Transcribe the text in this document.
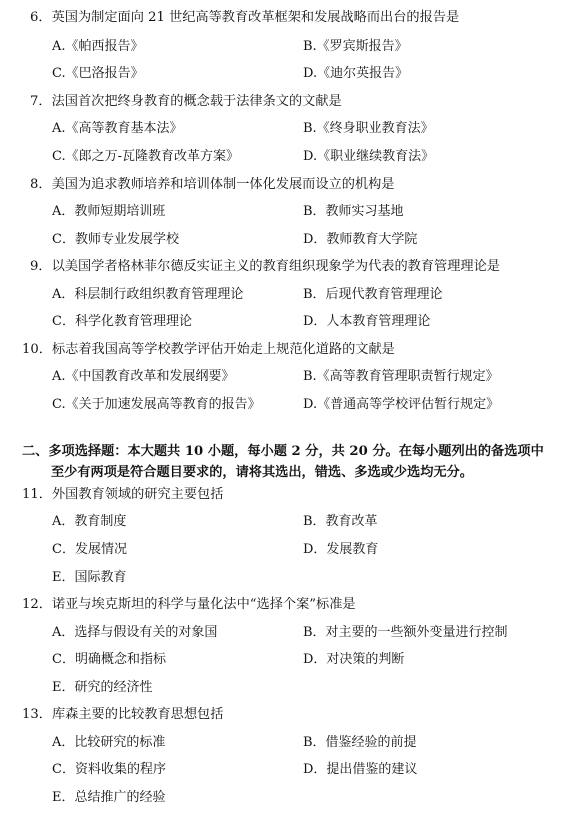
6．英国为制定面向 21 世纪高等教育改革框架和发展战略而出台的报告是
A.《帕西报告》	B.《罗宾斯报告》
C.《巴洛报告》	D.《迪尔英报告》
7．法国首次把终身教育的概念载于法律条文的文献是
A.《高等教育基本法》	B.《终身职业教育法》
C.《郎之万-瓦隆教育改革方案》	D.《职业继续教育法》
8．美国为追求教师培养和培训体制一体化发展而设立的机构是
A．教师短期培训班	B．教师实习基地
C．教师专业发展学校	D．教师教育大学院
9．以美国学者格林菲尔德反实证主义的教育组织现象学为代表的教育管理理论是
A．科层制行政组织教育管理理论	B．后现代教育管理理论
C．科学化教育管理理论	D．人本教育管理理论
10．标志着我国高等学校教学评估开始走上规范化道路的文献是
A.《中国教育改革和发展纲要》	B.《高等教育管理职责暂行规定》
C.《关于加速发展高等教育的报告》	D.《普通高等学校评估暂行规定》
二、多项选择题：本大题共 10 小题，每小题 2 分，共 20 分。在每小题列出的备选项中
至少有两项是符合题目要求的，请将其选出，错选、多选或少选均无分。
11．外国教育领域的研究主要包括
A．教育制度	B．教育改革
C．发展情况	D．发展教育
E．国际教育
12．诺亚与埃克斯坦的科学与量化法中“选择个案”标准是
A．选择与假设有关的对象国	B．对主要的一些额外变量进行控制
C．明确概念和指标	D．对决策的判断
E．研究的经济性
13．库森主要的比较教育思想包括
A．比较研究的标准	B．借鉴经验的前提
C．资料收集的程序	D．提出借鉴的建议
E．总结推广的经验
